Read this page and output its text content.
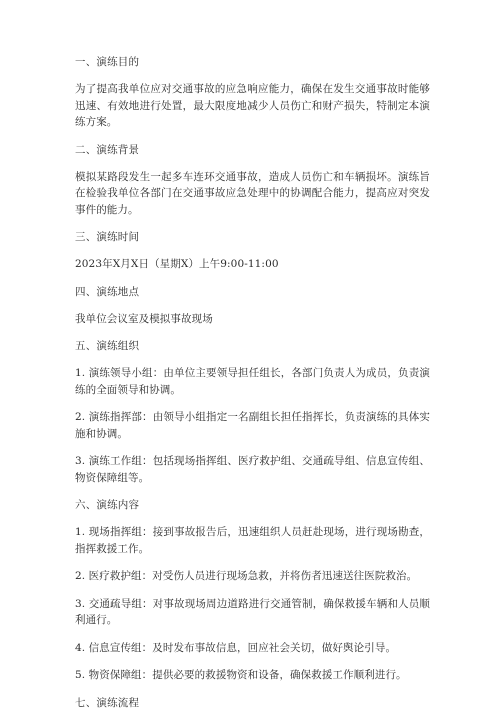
一、演练目的
为了提高我单位应对交通事故的应急响应能力，确保在发生交通事故时能够迅速、有效地进行处置，最大限度地减少人员伤亡和财产损失，特制定本演练方案。
二、演练背景
模拟某路段发生一起多车连环交通事故，造成人员伤亡和车辆损坏。演练旨在检验我单位各部门在交通事故应急处理中的协调配合能力，提高应对突发事件的能力。
三、演练时间
2023年X月X日（星期X）上午9:00-11:00
四、演练地点
我单位会议室及模拟事故现场
五、演练组织
1. 演练领导小组：由单位主要领导担任组长，各部门负责人为成员，负责演练的全面领导和协调。
2. 演练指挥部：由领导小组指定一名副组长担任指挥长，负责演练的具体实施和协调。
3. 演练工作组：包括现场指挥组、医疗救护组、交通疏导组、信息宣传组、物资保障组等。
六、演练内容
1. 现场指挥组：接到事故报告后，迅速组织人员赶赴现场，进行现场勘查，指挥救援工作。
2. 医疗救护组：对受伤人员进行现场急救，并将伤者迅速送往医院救治。
3. 交通疏导组：对事故现场周边道路进行交通管制，确保救援车辆和人员顺利通行。
4. 信息宣传组：及时发布事故信息，回应社会关切，做好舆论引导。
5. 物资保障组：提供必要的救援物资和设备，确保救援工作顺利进行。
七、演练流程
